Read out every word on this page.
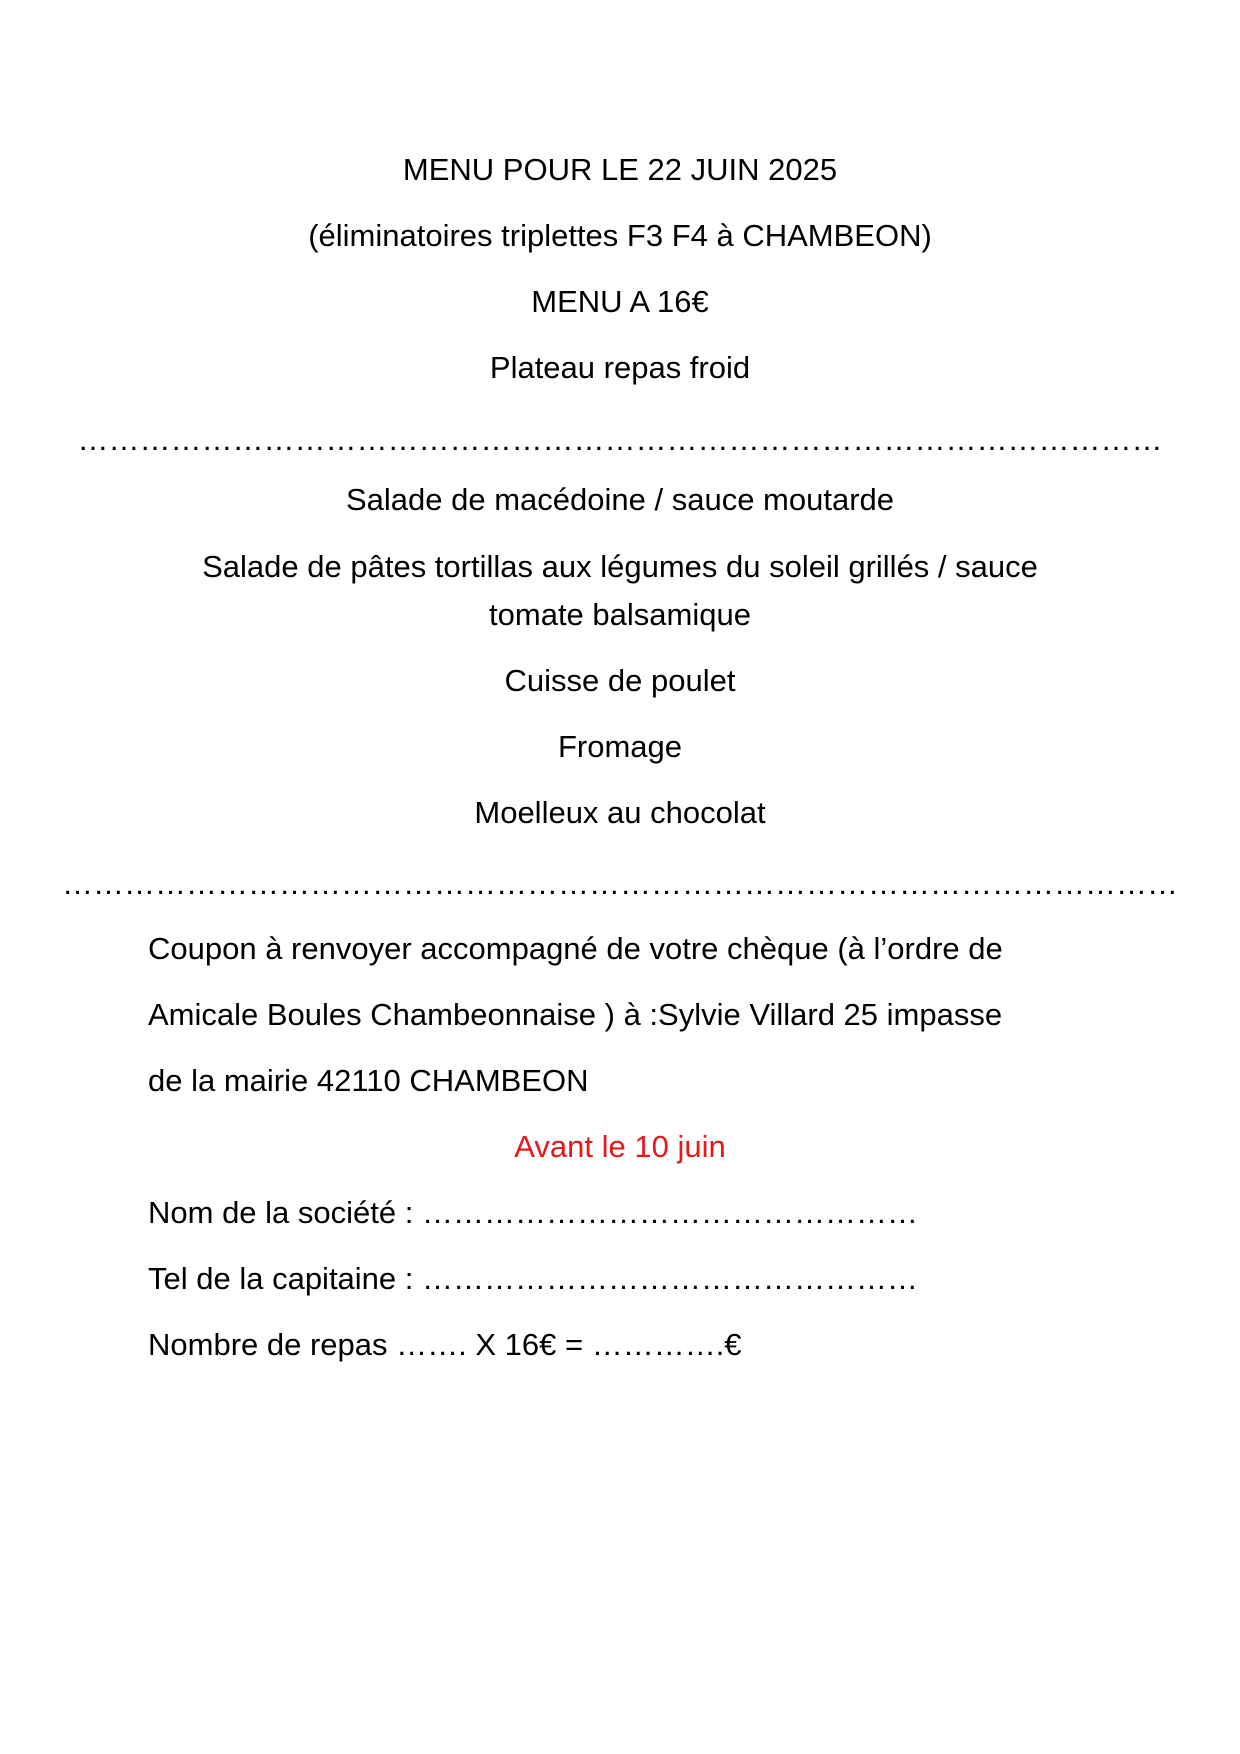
MENU POUR LE 22 JUIN 2025
(éliminatoires triplettes F3 F4 à CHAMBEON)
MENU A 16€
Plateau repas froid
……………………………………………………………………………………………
Salade de macédoine / sauce moutarde
Salade de pâtes tortillas aux légumes du soleil grillés / sauce
tomate balsamique
Cuisse de poulet
Fromage
Moelleux au chocolat
………………………………………………………………………………………………
Coupon à renvoyer accompagné de votre chèque (à l’ordre de
Amicale Boules Chambeonnaise ) à :Sylvie Villard 25 impasse
de la mairie 42110 CHAMBEON
Avant le 10 juin
Nom de la société : …………………………………………
Tel de la capitaine : …………………………………………
Nombre de repas ……. X 16€ = ………….€
